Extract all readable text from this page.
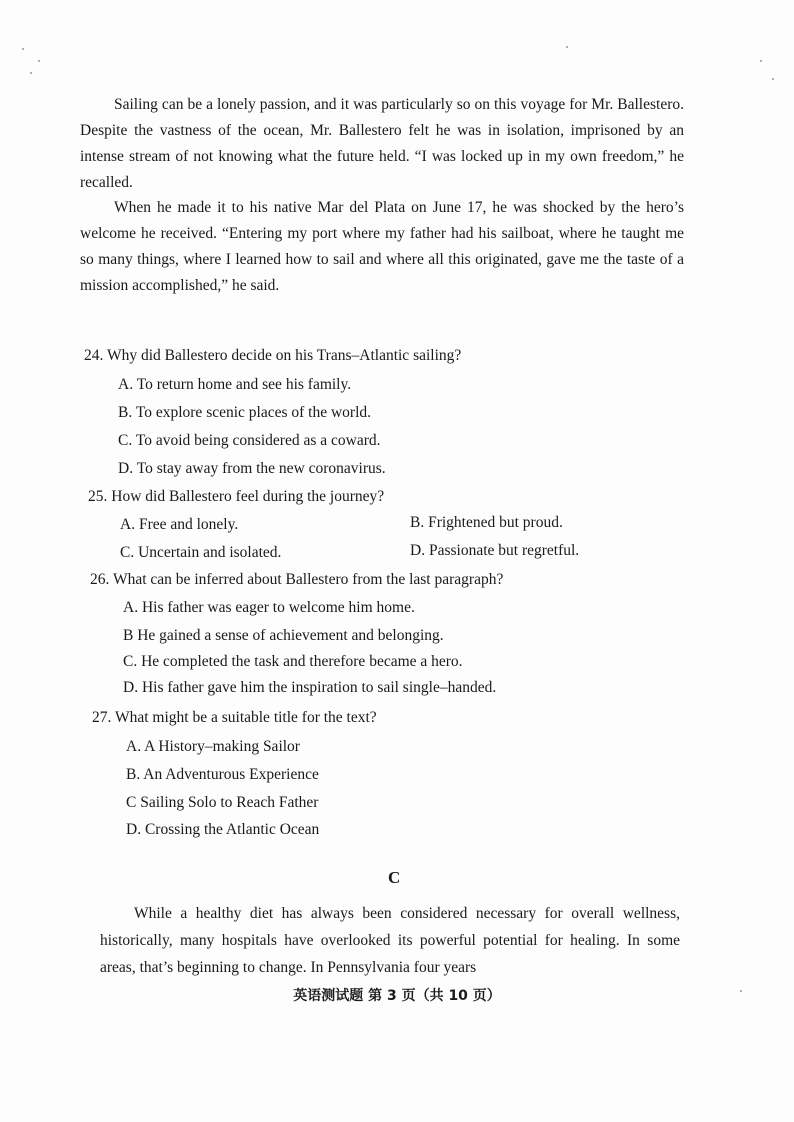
Sailing can be a lonely passion, and it was particularly so on this voyage for Mr. Ballestero. Despite the vastness of the ocean, Mr. Ballestero felt he was in isolation, imprisoned by an intense stream of not knowing what the future held. “I was locked up in my own freedom,” he recalled.

When he made it to his native Mar del Plata on June 17, he was shocked by the hero’s welcome he received. “Entering my port where my father had his sailboat, where he taught me so many things, where I learned how to sail and where all this originated, gave me the taste of a mission accomplished,” he said.

24. Why did Ballestero decide on his Trans–Atlantic sailing?
A. To return home and see his family.
B. To explore scenic places of the world.
C. To avoid being considered as a coward.
D. To stay away from the new coronavirus.
25. How did Ballestero feel during the journey?
A. Free and lonely.	B. Frightened but proud.
C. Uncertain and isolated.	D. Passionate but regretful.
26. What can be inferred about Ballestero from the last paragraph?
A. His father was eager to welcome him home.
B He gained a sense of achievement and belonging.
C. He completed the task and therefore became a hero.
D. His father gave him the inspiration to sail single–handed.
27. What might be a suitable title for the text?
A. A History–making Sailor
B. An Adventurous Experience
C Sailing Solo to Reach Father
D. Crossing the Atlantic Ocean
C

While a healthy diet has always been considered necessary for overall wellness, historically, many hospitals have overlooked its powerful potential for healing. In some areas, that’s beginning to change. In Pennsylvania four years

英语测试题 第 3 页（共 10 页）
